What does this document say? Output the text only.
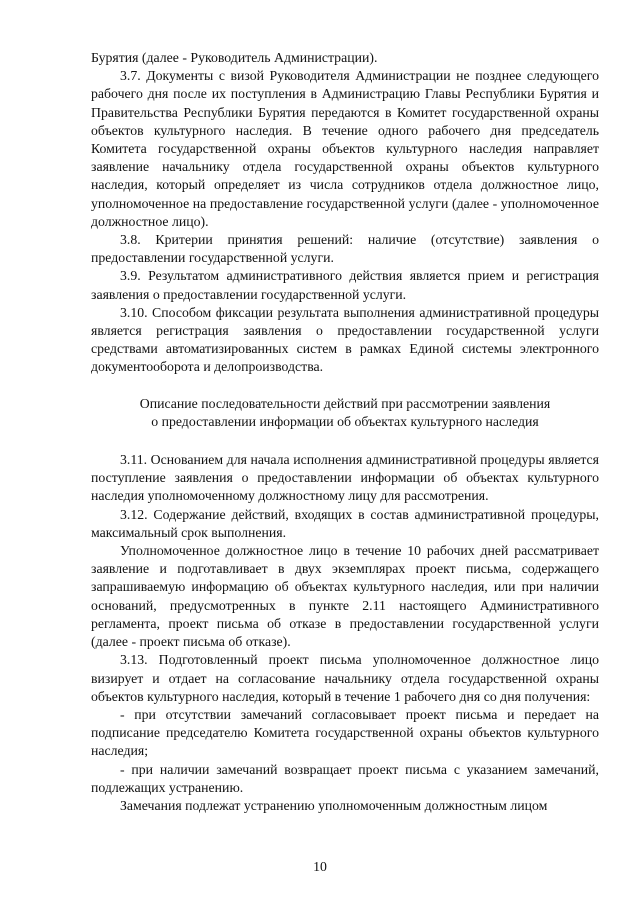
Бурятия (далее - Руководитель Администрации).

3.7. Документы с визой Руководителя Администрации не позднее следующего рабочего дня после их поступления в Администрацию Главы Республики Бурятия и Правительства Республики Бурятия передаются в Комитет государственной охраны объектов культурного наследия. В течение одного рабочего дня председатель Комитета государственной охраны объектов культурного наследия направляет заявление начальнику отдела государственной охраны объектов культурного наследия, который определяет из числа сотрудников отдела должностное лицо, уполномоченное на предоставление государственной услуги (далее - уполномоченное должностное лицо).

3.8. Критерии принятия решений: наличие (отсутствие) заявления о предоставлении государственной услуги.

3.9. Результатом административного действия является прием и регистрация заявления о предоставлении государственной услуги.

3.10. Способом фиксации результата выполнения административной процедуры является регистрация заявления о предоставлении государственной услуги средствами автоматизированных систем в рамках Единой системы электронного документооборота и делопроизводства.

Описание последовательности действий при рассмотрении заявления
о предоставлении информации об объектах культурного наследия

3.11. Основанием для начала исполнения административной процедуры является поступление заявления о предоставлении информации об объектах культурного наследия уполномоченному должностному лицу для рассмотрения.

3.12. Содержание действий, входящих в состав административной процедуры, максимальный срок выполнения.

Уполномоченное должностное лицо в течение 10 рабочих дней рассматривает заявление и подготавливает в двух экземплярах проект письма, содержащего запрашиваемую информацию об объектах культурного наследия, или при наличии оснований, предусмотренных в пункте 2.11 настоящего Административного регламента, проект письма об отказе в предоставлении государственной услуги (далее - проект письма об отказе).

3.13. Подготовленный проект письма уполномоченное должностное лицо визирует и отдает на согласование начальнику отдела государственной охраны объектов культурного наследия, который в течение 1 рабочего дня со дня получения:

- при отсутствии замечаний согласовывает проект письма и передает на подписание председателю Комитета государственной охраны объектов культурного наследия;

- при наличии замечаний возвращает проект письма с указанием замечаний, подлежащих устранению.

Замечания подлежат устранению уполномоченным должностным лицом

10
